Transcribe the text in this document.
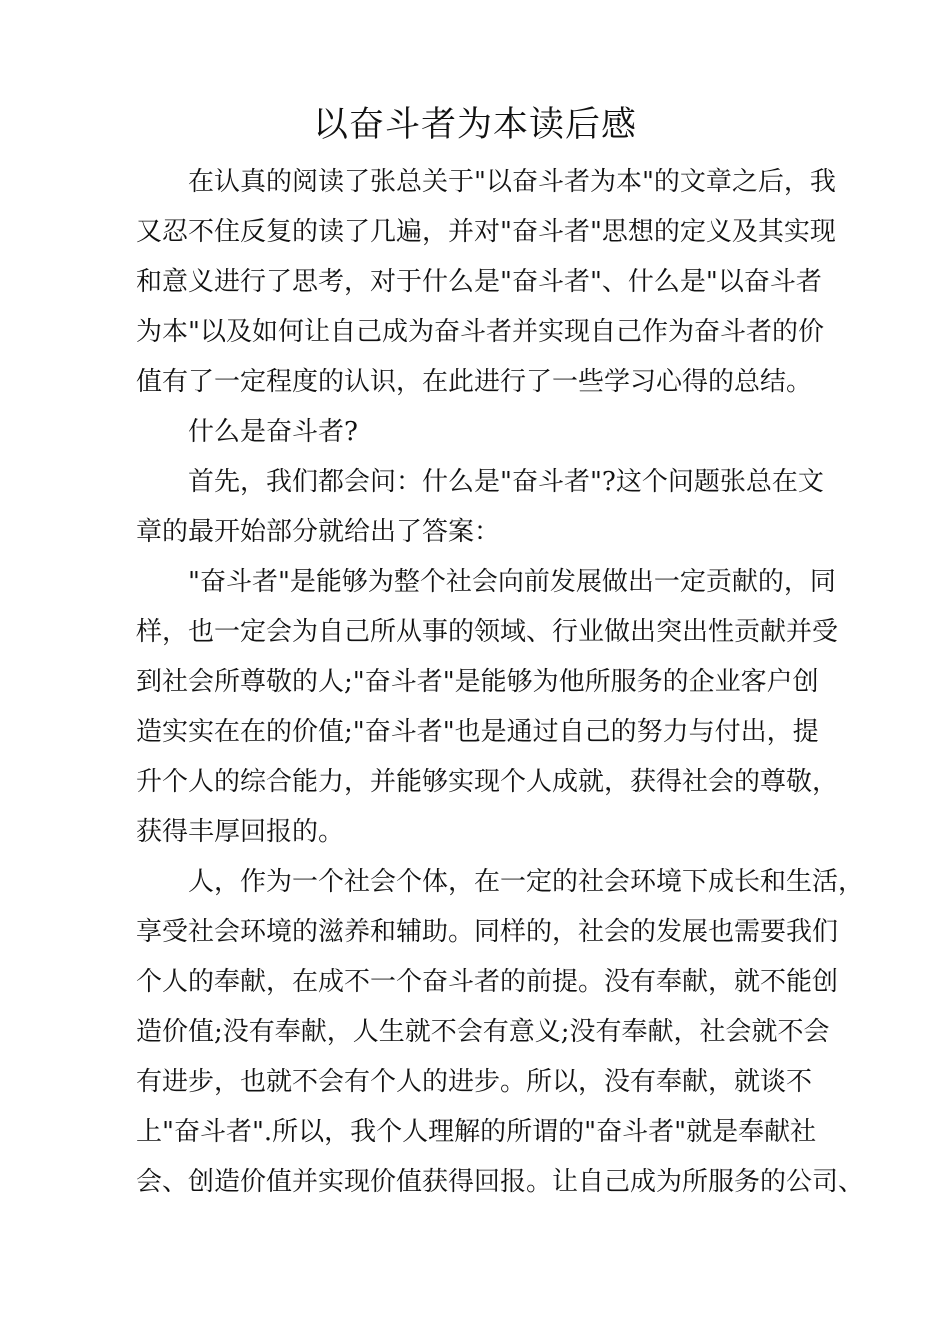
以奋斗者为本读后感
在认真的阅读了张总关于"以奋斗者为本"的文章之后，我
又忍不住反复的读了几遍，并对"奋斗者"思想的定义及其实现
和意义进行了思考，对于什么是"奋斗者"、什么是"以奋斗者
为本"以及如何让自己成为奋斗者并实现自己作为奋斗者的价
值有了一定程度的认识，在此进行了一些学习心得的总结。
什么是奋斗者?
首先，我们都会问：什么是"奋斗者"?这个问题张总在文
章的最开始部分就给出了答案：
"奋斗者"是能够为整个社会向前发展做出一定贡献的，同
样，也一定会为自己所从事的领域、行业做出突出性贡献并受
到社会所尊敬的人;"奋斗者"是能够为他所服务的企业客户创
造实实在在的价值;"奋斗者"也是通过自己的努力与付出，提
升个人的综合能力，并能够实现个人成就，获得社会的尊敬，
获得丰厚回报的。
人，作为一个社会个体，在一定的社会环境下成长和生活，
享受社会环境的滋养和辅助。同样的，社会的发展也需要我们
个人的奉献，在成不一个奋斗者的前提。没有奉献，就不能创
造价值;没有奉献，人生就不会有意义;没有奉献，社会就不会
有进步，也就不会有个人的进步。所以，没有奉献，就谈不
上"奋斗者".所以，我个人理解的所谓的"奋斗者"就是奉献社
会、创造价值并实现价值获得回报。让自己成为所服务的公司、
